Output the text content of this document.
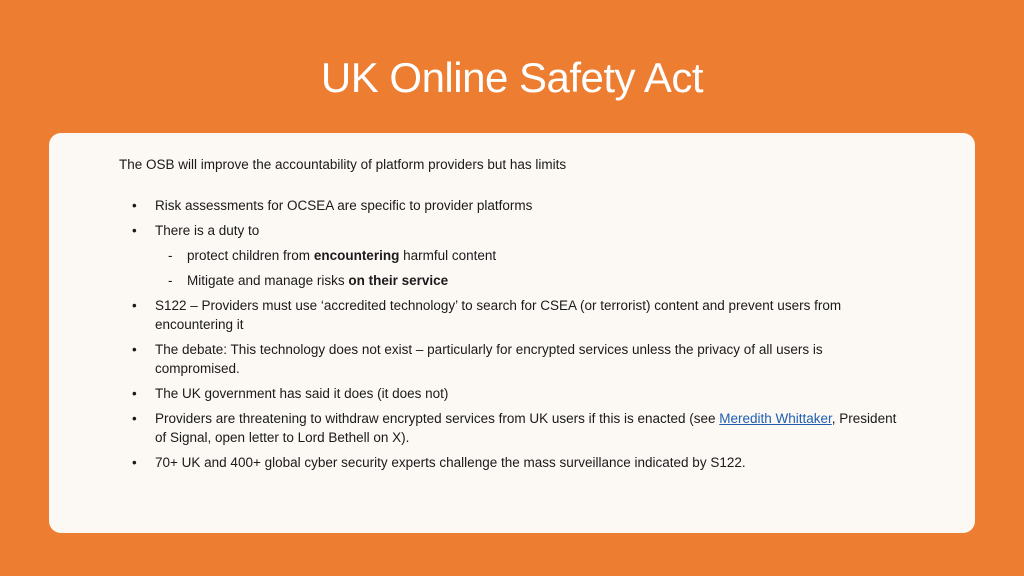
UK Online Safety Act

The OSB will improve the accountability of platform providers but has limits

• Risk assessments for OCSEA are specific to provider platforms
• There is a duty to
- protect children from encountering harmful content
- Mitigate and manage risks on their service
• S122 – Providers must use ‘accredited technology’ to search for CSEA (or terrorist) content and prevent users from encountering it
• The debate: This technology does not exist – particularly for encrypted services unless the privacy of all users is compromised.
• The UK government has said it does (it does not)
• Providers are threatening to withdraw encrypted services from UK users if this is enacted (see Meredith Whittaker, President of Signal, open letter to Lord Bethell on X).
• 70+ UK and 400+ global cyber security experts challenge the mass surveillance indicated by S122.
